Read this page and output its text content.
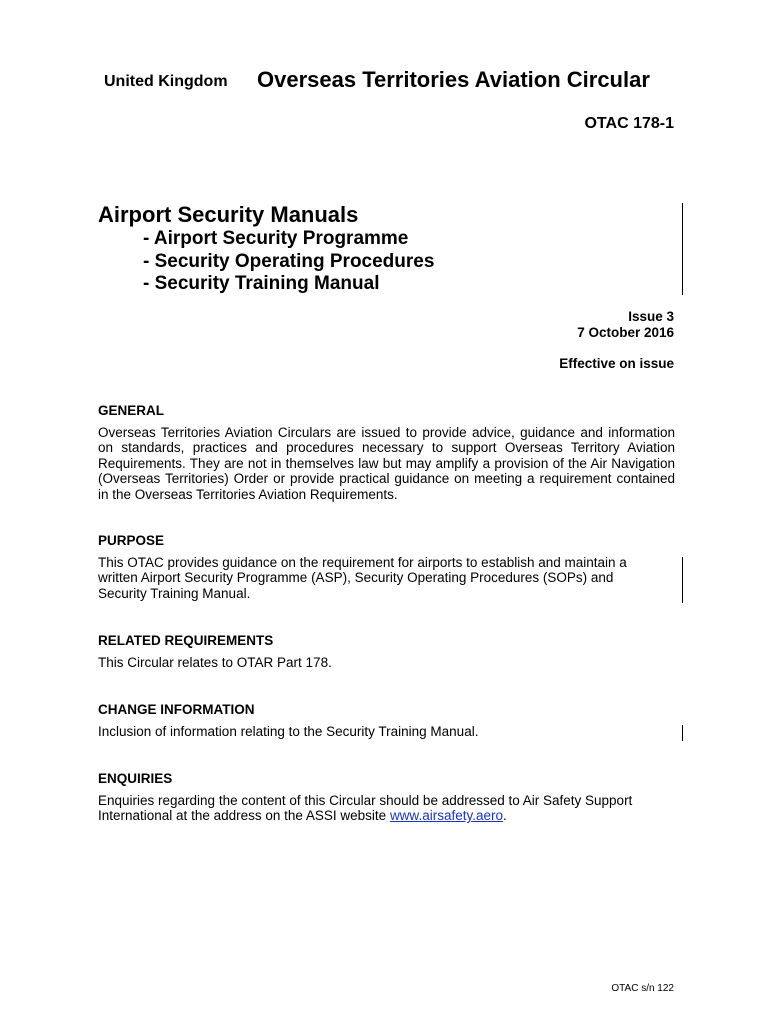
United Kingdom Overseas Territories Aviation Circular
OTAC 178-1
Airport Security Manuals
- Airport Security Programme
- Security Operating Procedures
- Security Training Manual
Issue 3
7 October 2016
Effective on issue
GENERAL

Overseas Territories Aviation Circulars are issued to provide advice, guidance and information on standards, practices and procedures necessary to support Overseas Territory Aviation Requirements. They are not in themselves law but may amplify a provision of the Air Navigation (Overseas Territories) Order or provide practical guidance on meeting a requirement contained in the Overseas Territories Aviation Requirements.

PURPOSE

This OTAC provides guidance on the requirement for airports to establish and maintain a
written Airport Security Programme (ASP), Security Operating Procedures (SOPs) and
Security Training Manual.

RELATED REQUIREMENTS

This Circular relates to OTAR Part 178.

CHANGE INFORMATION

Inclusion of information relating to the Security Training Manual.

ENQUIRIES

Enquiries regarding the content of this Circular should be addressed to Air Safety Support International at the address on the ASSI website www.airsafety.aero.

OTAC s/n 122
